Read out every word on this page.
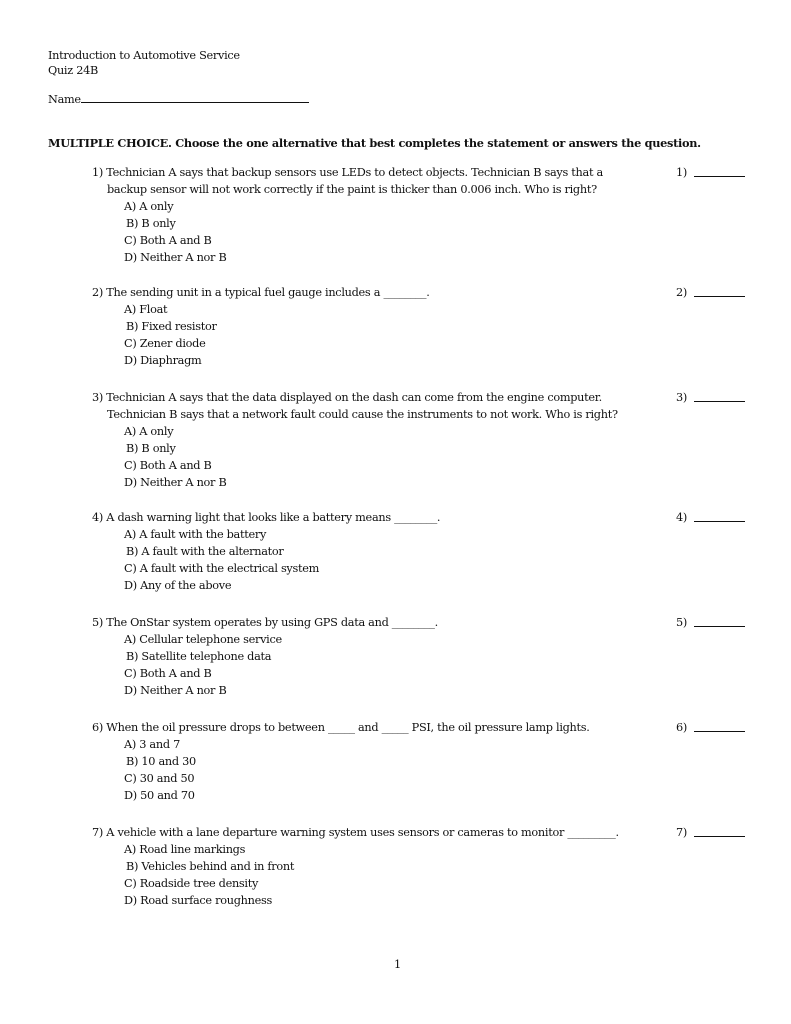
Introduction to Automotive Service
Quiz 24B
Name
MULTIPLE CHOICE. Choose the one alternative that best completes the statement or answers the question.
1) Technician A says that backup sensors use LEDs to detect objects. Technician B says that a
backup sensor will not work correctly if the paint is thicker than 0.006 inch. Who is right?
A) A only
B) B only
C) Both A and B
D) Neither A nor B
1)
2) The sending unit in a typical fuel gauge includes a ________.
A) Float
B) Fixed resistor
C) Zener diode
D) Diaphragm
2)
3) Technician A says that the data displayed on the dash can come from the engine computer.
Technician B says that a network fault could cause the instruments to not work. Who is right?
A) A only
B) B only
C) Both A and B
D) Neither A nor B
3)
4) A dash warning light that looks like a battery means ________.
A) A fault with the battery
B) A fault with the alternator
C) A fault with the electrical system
D) Any of the above
4)
5) The OnStar system operates by using GPS data and ________.
A) Cellular telephone service
B) Satellite telephone data
C) Both A and B
D) Neither A nor B
5)
6) When the oil pressure drops to between _____ and _____ PSI, the oil pressure lamp lights.
A) 3 and 7
B) 10 and 30
C) 30 and 50
D) 50 and 70
6)
7) A vehicle with a lane departure warning system uses sensors or cameras to monitor _________.
A) Road line markings
B) Vehicles behind and in front
C) Roadside tree density
D) Road surface roughness
7)
1
